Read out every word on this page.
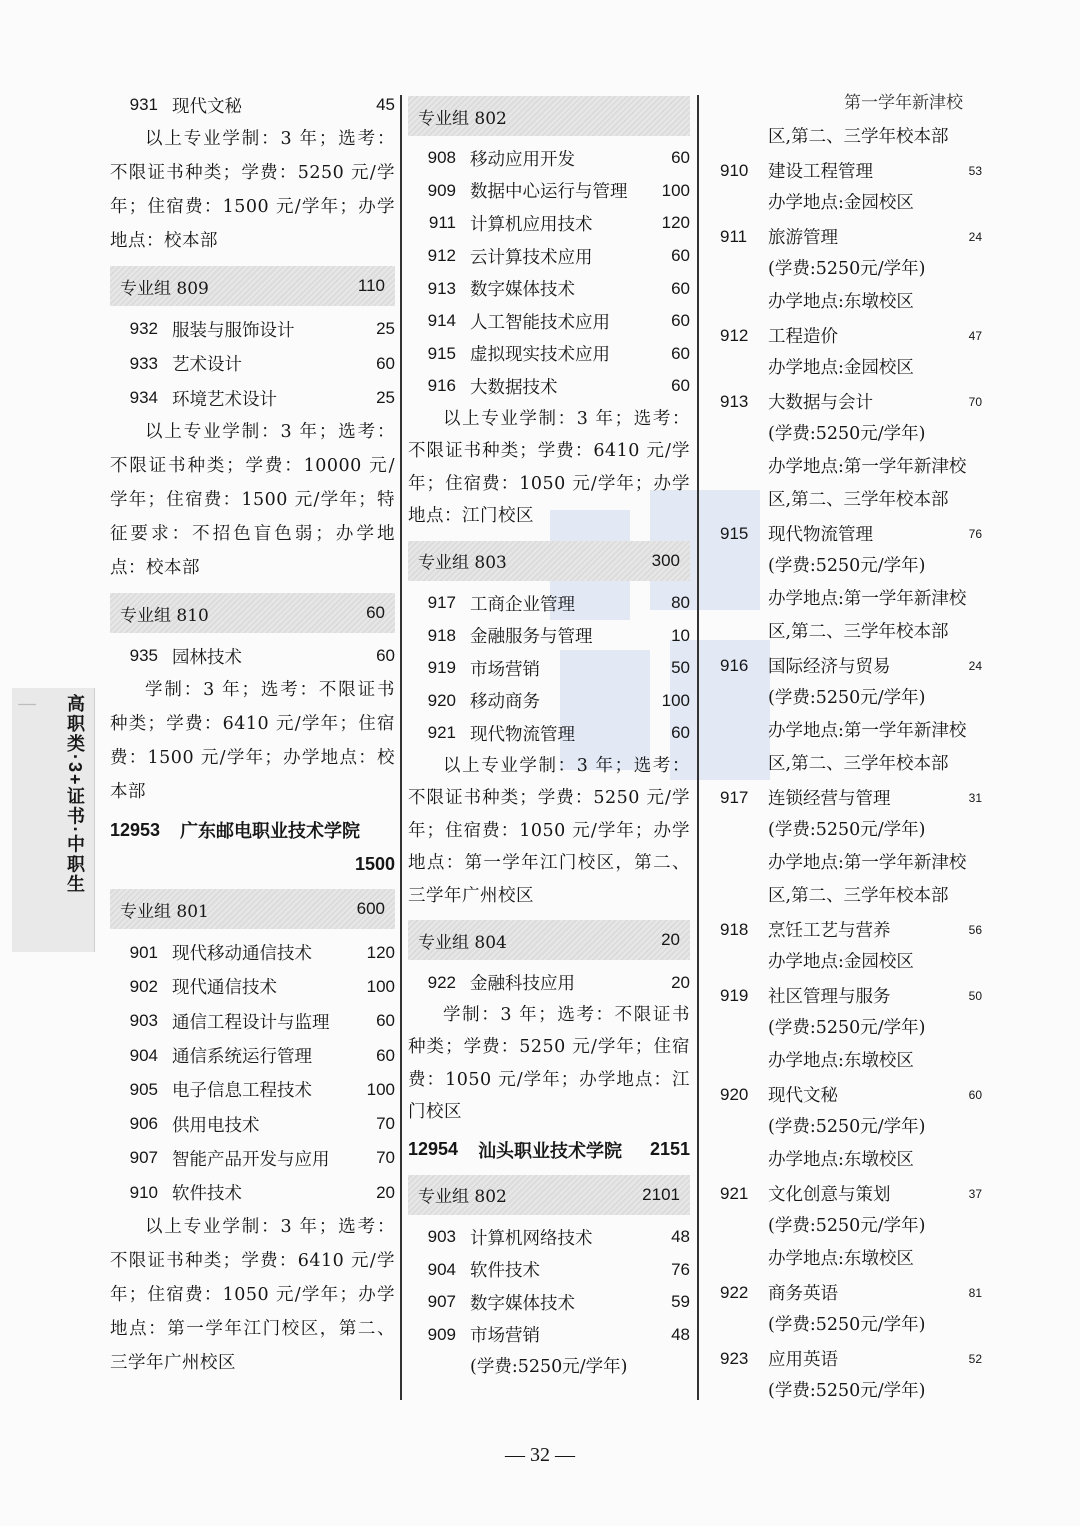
│ 高职类·3+证书·中职生
931 现代文秘	45

以上专业学制：3 年；选考：不限证书种类；学费：5250 元/学年；住宿费：1500 元/学年；办学地点：校本部

专业组 809	110
932 服装与服饰设计	25
933 艺术设计	60
934 环境艺术设计	25

以上专业学制：3 年；选考：不限证书种类；学费：10000 元/学年；住宿费：1500 元/学年；特征要求：不招色盲色弱；办学地点：校本部

专业组 810	60
935 园林技术	60

学制：3 年；选考：不限证书种类；学费：6410 元/学年；住宿费：1500 元/学年；办学地点：校本部

12953 广东邮电职业技术学院
1500
专业组 801	600
901 现代移动通信技术	120
902 现代通信技术	100
903 通信工程设计与监理	60
904 通信系统运行管理	60
905 电子信息工程技术	100
906 供用电技术	70
907 智能产品开发与应用	70
910 软件技术	20

以上专业学制：3 年；选考：不限证书种类；学费：6410 元/学年；住宿费：1050 元/学年；办学地点：第一学年江门校区，第二、三学年广州校区

专业组 802
908 移动应用开发	60
909 数据中心运行与管理	100
911 计算机应用技术	120
912 云计算技术应用	60
913 数字媒体技术	60
914 人工智能技术应用	60
915 虚拟现实技术应用	60
916 大数据技术	60

以上专业学制：3 年；选考：不限证书种类；学费：6410 元/学年；住宿费：1050 元/学年；办学地点：江门校区

专业组 803	300
917 工商企业管理	80
918 金融服务与管理	10
919 市场营销	50
920 移动商务	100
921 现代物流管理	60

以上专业学制：3 年；选考：不限证书种类；学费：5250 元/学年；住宿费：1050 元/学年；办学地点：第一学年江门校区，第二、三学年广州校区

专业组 804	20
922 金融科技应用	20

学制：3 年；选考：不限证书种类；学费：5250 元/学年；住宿费：1050 元/学年；办学地点：江门校区

12954 汕头职业技术学院 2151
专业组 802	2101
903 计算机网络技术	48
904 软件技术	76
907 数字媒体技术	59
909 市场营销	48
(学费:5250元/学年)
第一学年新津校
区,第二、三学年校本部
910 建设工程管理	53
办学地点:金园校区
911 旅游管理	24
(学费:5250元/学年)
办学地点:东墩校区
912 工程造价	47
办学地点:金园校区
913 大数据与会计	70
(学费:5250元/学年)
办学地点:第一学年新津校
区,第二、三学年校本部
915 现代物流管理	76
(学费:5250元/学年)
办学地点:第一学年新津校
区,第二、三学年校本部
916 国际经济与贸易	24
(学费:5250元/学年)
办学地点:第一学年新津校
区,第二、三学年校本部
917 连锁经营与管理	31
(学费:5250元/学年)
办学地点:第一学年新津校
区,第二、三学年校本部
918 烹饪工艺与营养	56
办学地点:金园校区
919 社区管理与服务	50
(学费:5250元/学年)
办学地点:东墩校区
920 现代文秘	60
(学费:5250元/学年)
办学地点:东墩校区
921 文化创意与策划	37
(学费:5250元/学年)
办学地点:东墩校区
922 商务英语	81
(学费:5250元/学年)
923 应用英语	52
(学费:5250元/学年)
— 32 —
